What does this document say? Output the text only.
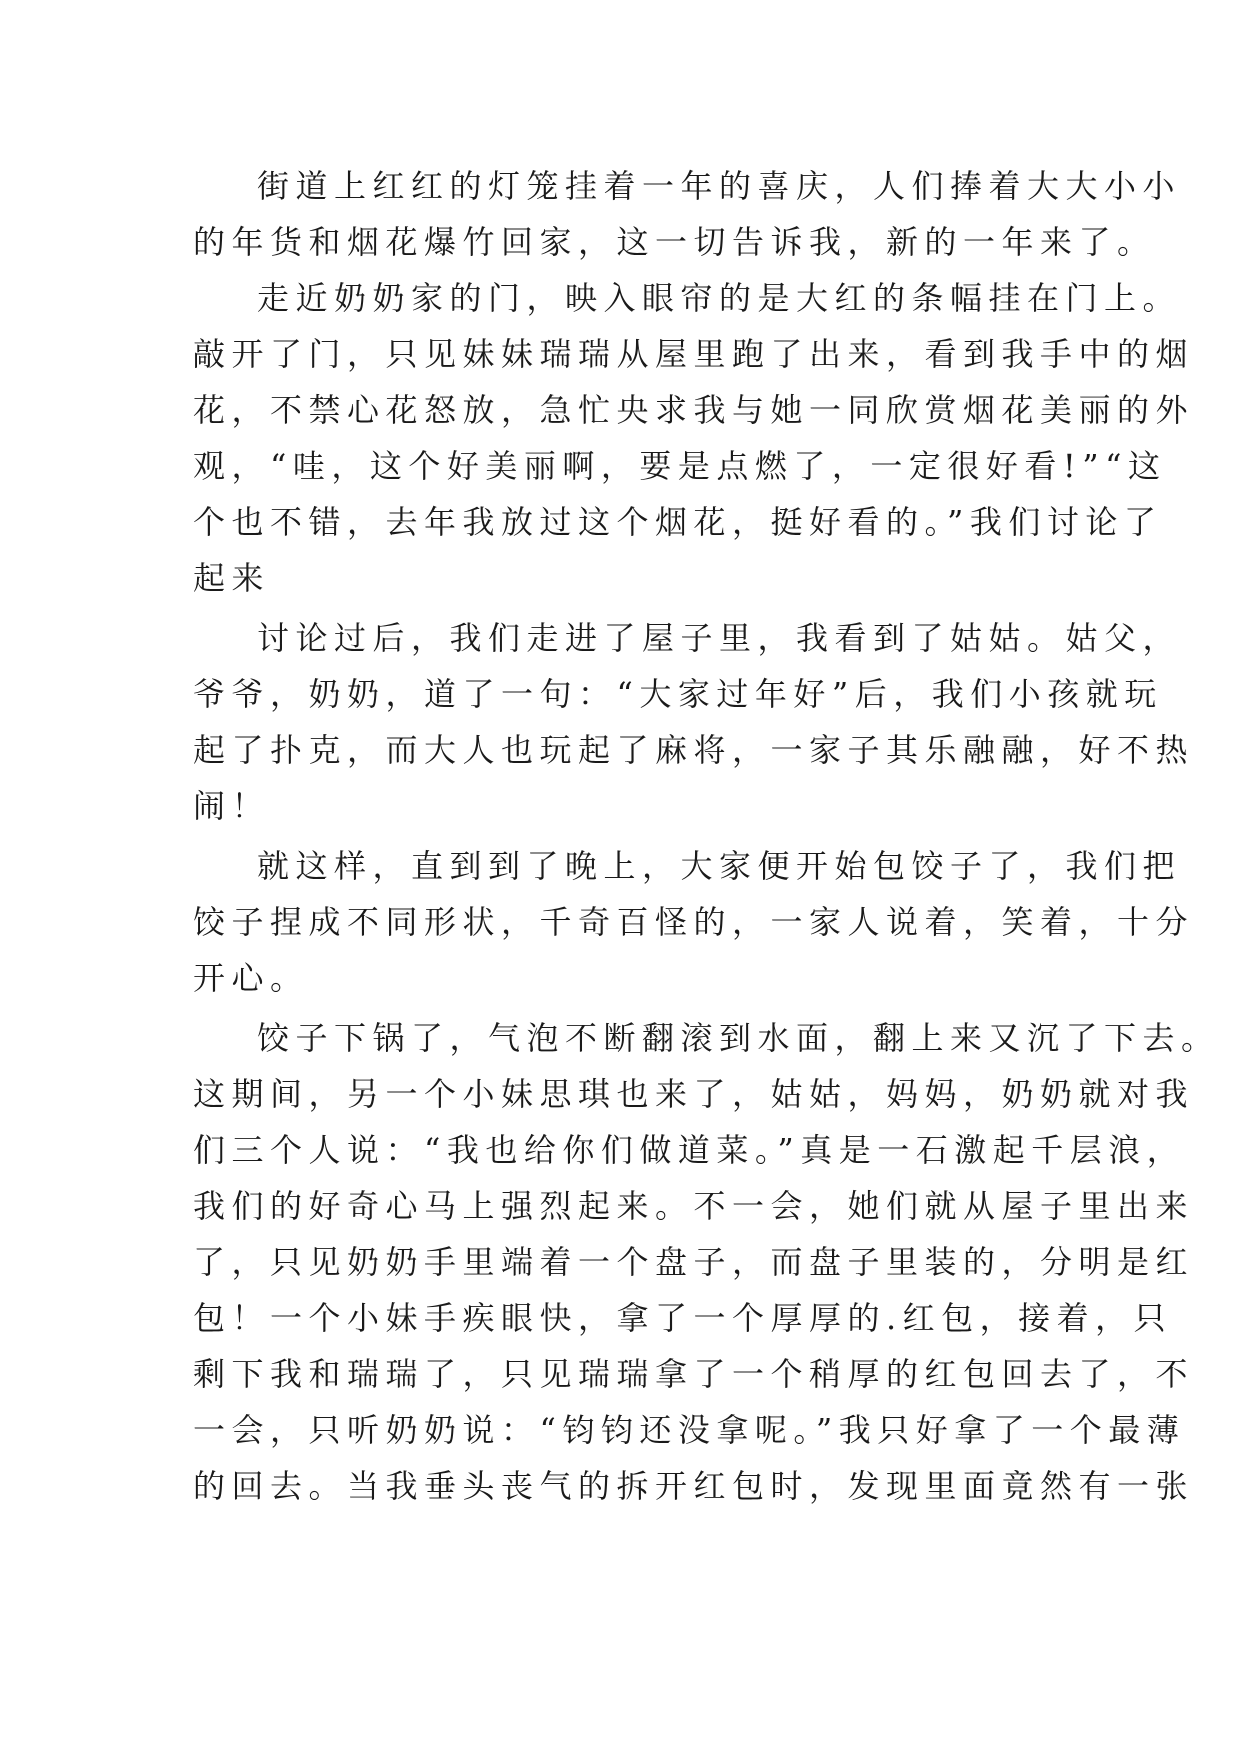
街道上红红的灯笼挂着一年的喜庆，人们捧着大大小小
的年货和烟花爆竹回家，这一切告诉我，新的一年来了。
走近奶奶家的门，映入眼帘的是大红的条幅挂在门上。
敲开了门，只见妹妹瑞瑞从屋里跑了出来，看到我手中的烟
花，不禁心花怒放，急忙央求我与她一同欣赏烟花美丽的外
观，“哇，这个好美丽啊，要是点燃了，一定很好看!”“这
个也不错，去年我放过这个烟花，挺好看的。”我们讨论了
起来
讨论过后，我们走进了屋子里，我看到了姑姑。姑父，
爷爷，奶奶，道了一句：“大家过年好”后，我们小孩就玩
起了扑克，而大人也玩起了麻将，一家子其乐融融，好不热
闹！
就这样，直到到了晚上，大家便开始包饺子了，我们把
饺子捏成不同形状，千奇百怪的，一家人说着，笑着，十分
开心。
饺子下锅了，气泡不断翻滚到水面，翻上来又沉了下去。
这期间，另一个小妹思琪也来了，姑姑，妈妈，奶奶就对我
们三个人说：“我也给你们做道菜。”真是一石激起千层浪，
我们的好奇心马上强烈起来。不一会，她们就从屋子里出来
了，只见奶奶手里端着一个盘子，而盘子里装的，分明是红
包！一个小妹手疾眼快，拿了一个厚厚的.红包，接着，只
剩下我和瑞瑞了，只见瑞瑞拿了一个稍厚的红包回去了，不
一会，只听奶奶说：“钧钧还没拿呢。”我只好拿了一个最薄
的回去。当我垂头丧气的拆开红包时，发现里面竟然有一张
